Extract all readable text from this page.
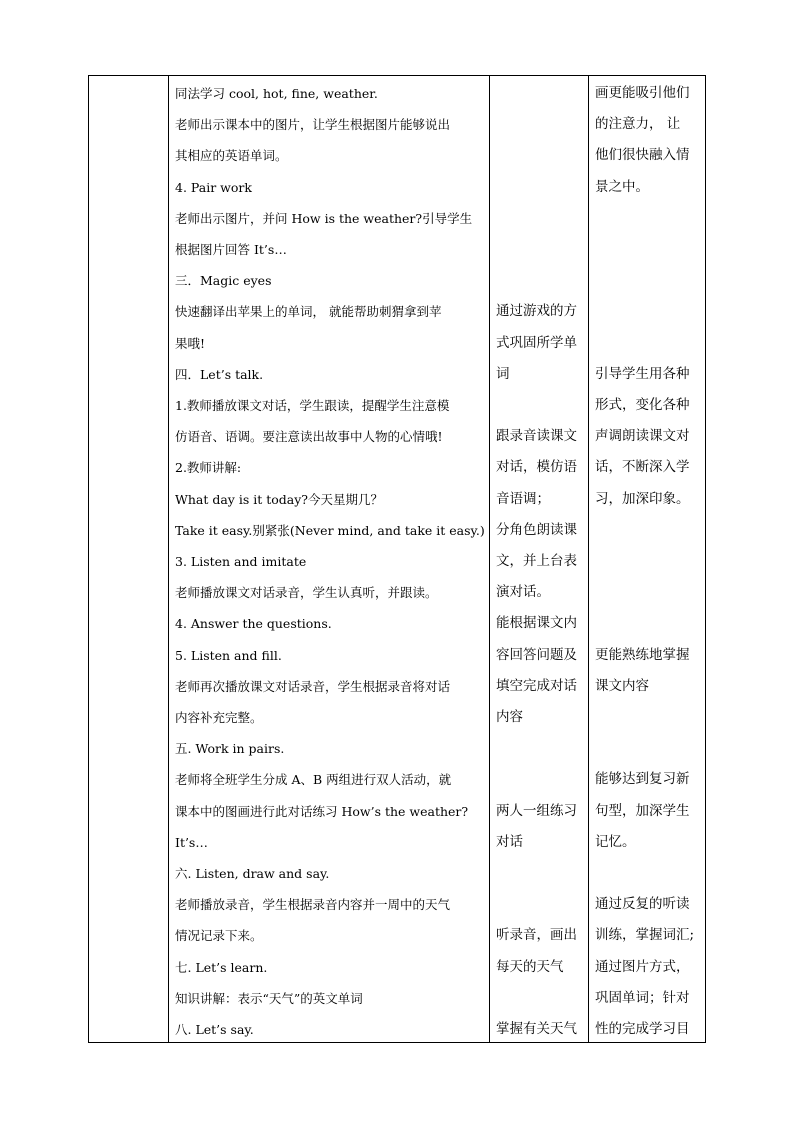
同法学习 cool, hot, fine, weather.
老师出示课本中的图片，让学生根据图片能够说出
其相应的英语单词。
4. Pair work
老师出示图片，并问 How is the weather?引导学生
根据图片回答 It’s…
三．Magic eyes
快速翻译出苹果上的单词， 就能帮助刺猬拿到苹
果哦!
四．Let’s talk.
1.教师播放课文对话，学生跟读，提醒学生注意模
仿语音、语调。要注意读出故事中人物的心情哦!
2.教师讲解:
What day is it today?今天星期几？
Take it easy.别紧张(Never mind, and take it easy.)
3. Listen and imitate
老师播放课文对话录音，学生认真听，并跟读。
4. Answer the questions.
5. Listen and fill.
老师再次播放课文对话录音，学生根据录音将对话
内容补充完整。
五. Work in pairs.
老师将全班学生分成 A、B 两组进行双人活动，就
课本中的图画进行此对话练习 How’s the weather?
It’s…
六. Listen, draw and say.
老师播放录音，学生根据录音内容并一周中的天气
情况记录下来。
七. Let’s learn.
知识讲解：表示“天气”的英文单词
八. Let’s say.
通过游戏的方
式巩固所学单
词
跟录音读课文
对话，模仿语
音语调；
分角色朗读课
文，并上台表
演对话。
能根据课文内
容回答问题及
填空完成对话
内容
两人一组练习
对话
听录音，画出
每天的天气
掌握有关天气
画更能吸引他们
的注意力， 让
他们很快融入情
景之中。
引导学生用各种
形式，变化各种
声调朗读课文对
话，不断深入学
习，加深印象。
更能熟练地掌握
课文内容
能够达到复习新
句型，加深学生
记忆。
通过反复的听读
训练，掌握词汇;
通过图片方式，
巩固单词；针对
性的完成学习目
